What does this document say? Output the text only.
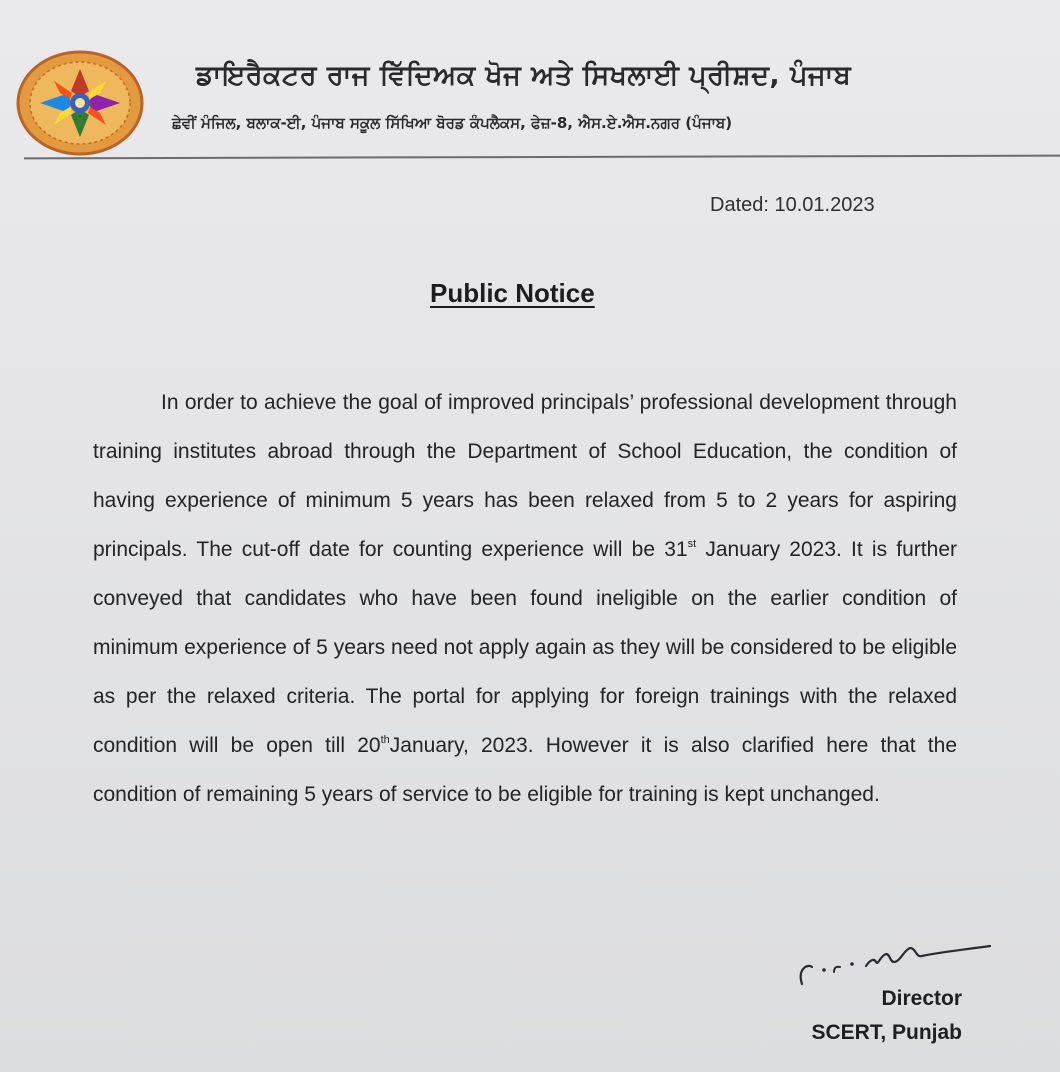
ਡਾਇਰੈਕਟਰ ਰਾਜ ਵਿੱਦਿਅਕ ਖੋਜ ਅਤੇ ਸਿਖਲਾਈ ਪ੍ਰੀਸ਼ਦ, ਪੰਜਾਬ
ਛੇਵੀਂ ਮੰਜਿਲ, ਬਲਾਕ-ਈ, ਪੰਜਾਬ ਸਕੂਲ ਸਿੱਖਿਆ ਬੋਰਡ ਕੰਪਲੈਕਸ, ਫੇਜ਼-8, ਐਸ.ਏ.ਐਸ.ਨਗਰ (ਪੰਜਾਬ)
Dated: 10.01.2023
Public Notice
In order to achieve the goal of improved principals’ professional development through training institutes abroad through the Department of School Education, the condition of having experience of minimum 5 years has been relaxed from 5 to 2 years for aspiring principals. The cut-off date for counting experience will be 31st January 2023. It is further conveyed that candidates who have been found ineligible on the earlier condition of minimum experience of 5 years need not apply again as they will be considered to be eligible as per the relaxed criteria. The portal for applying for foreign trainings with the relaxed condition will be open till 20thJanuary, 2023. However it is also clarified here that the condition of remaining 5 years of service to be eligible for training is kept unchanged.
Director
SCERT, Punjab
